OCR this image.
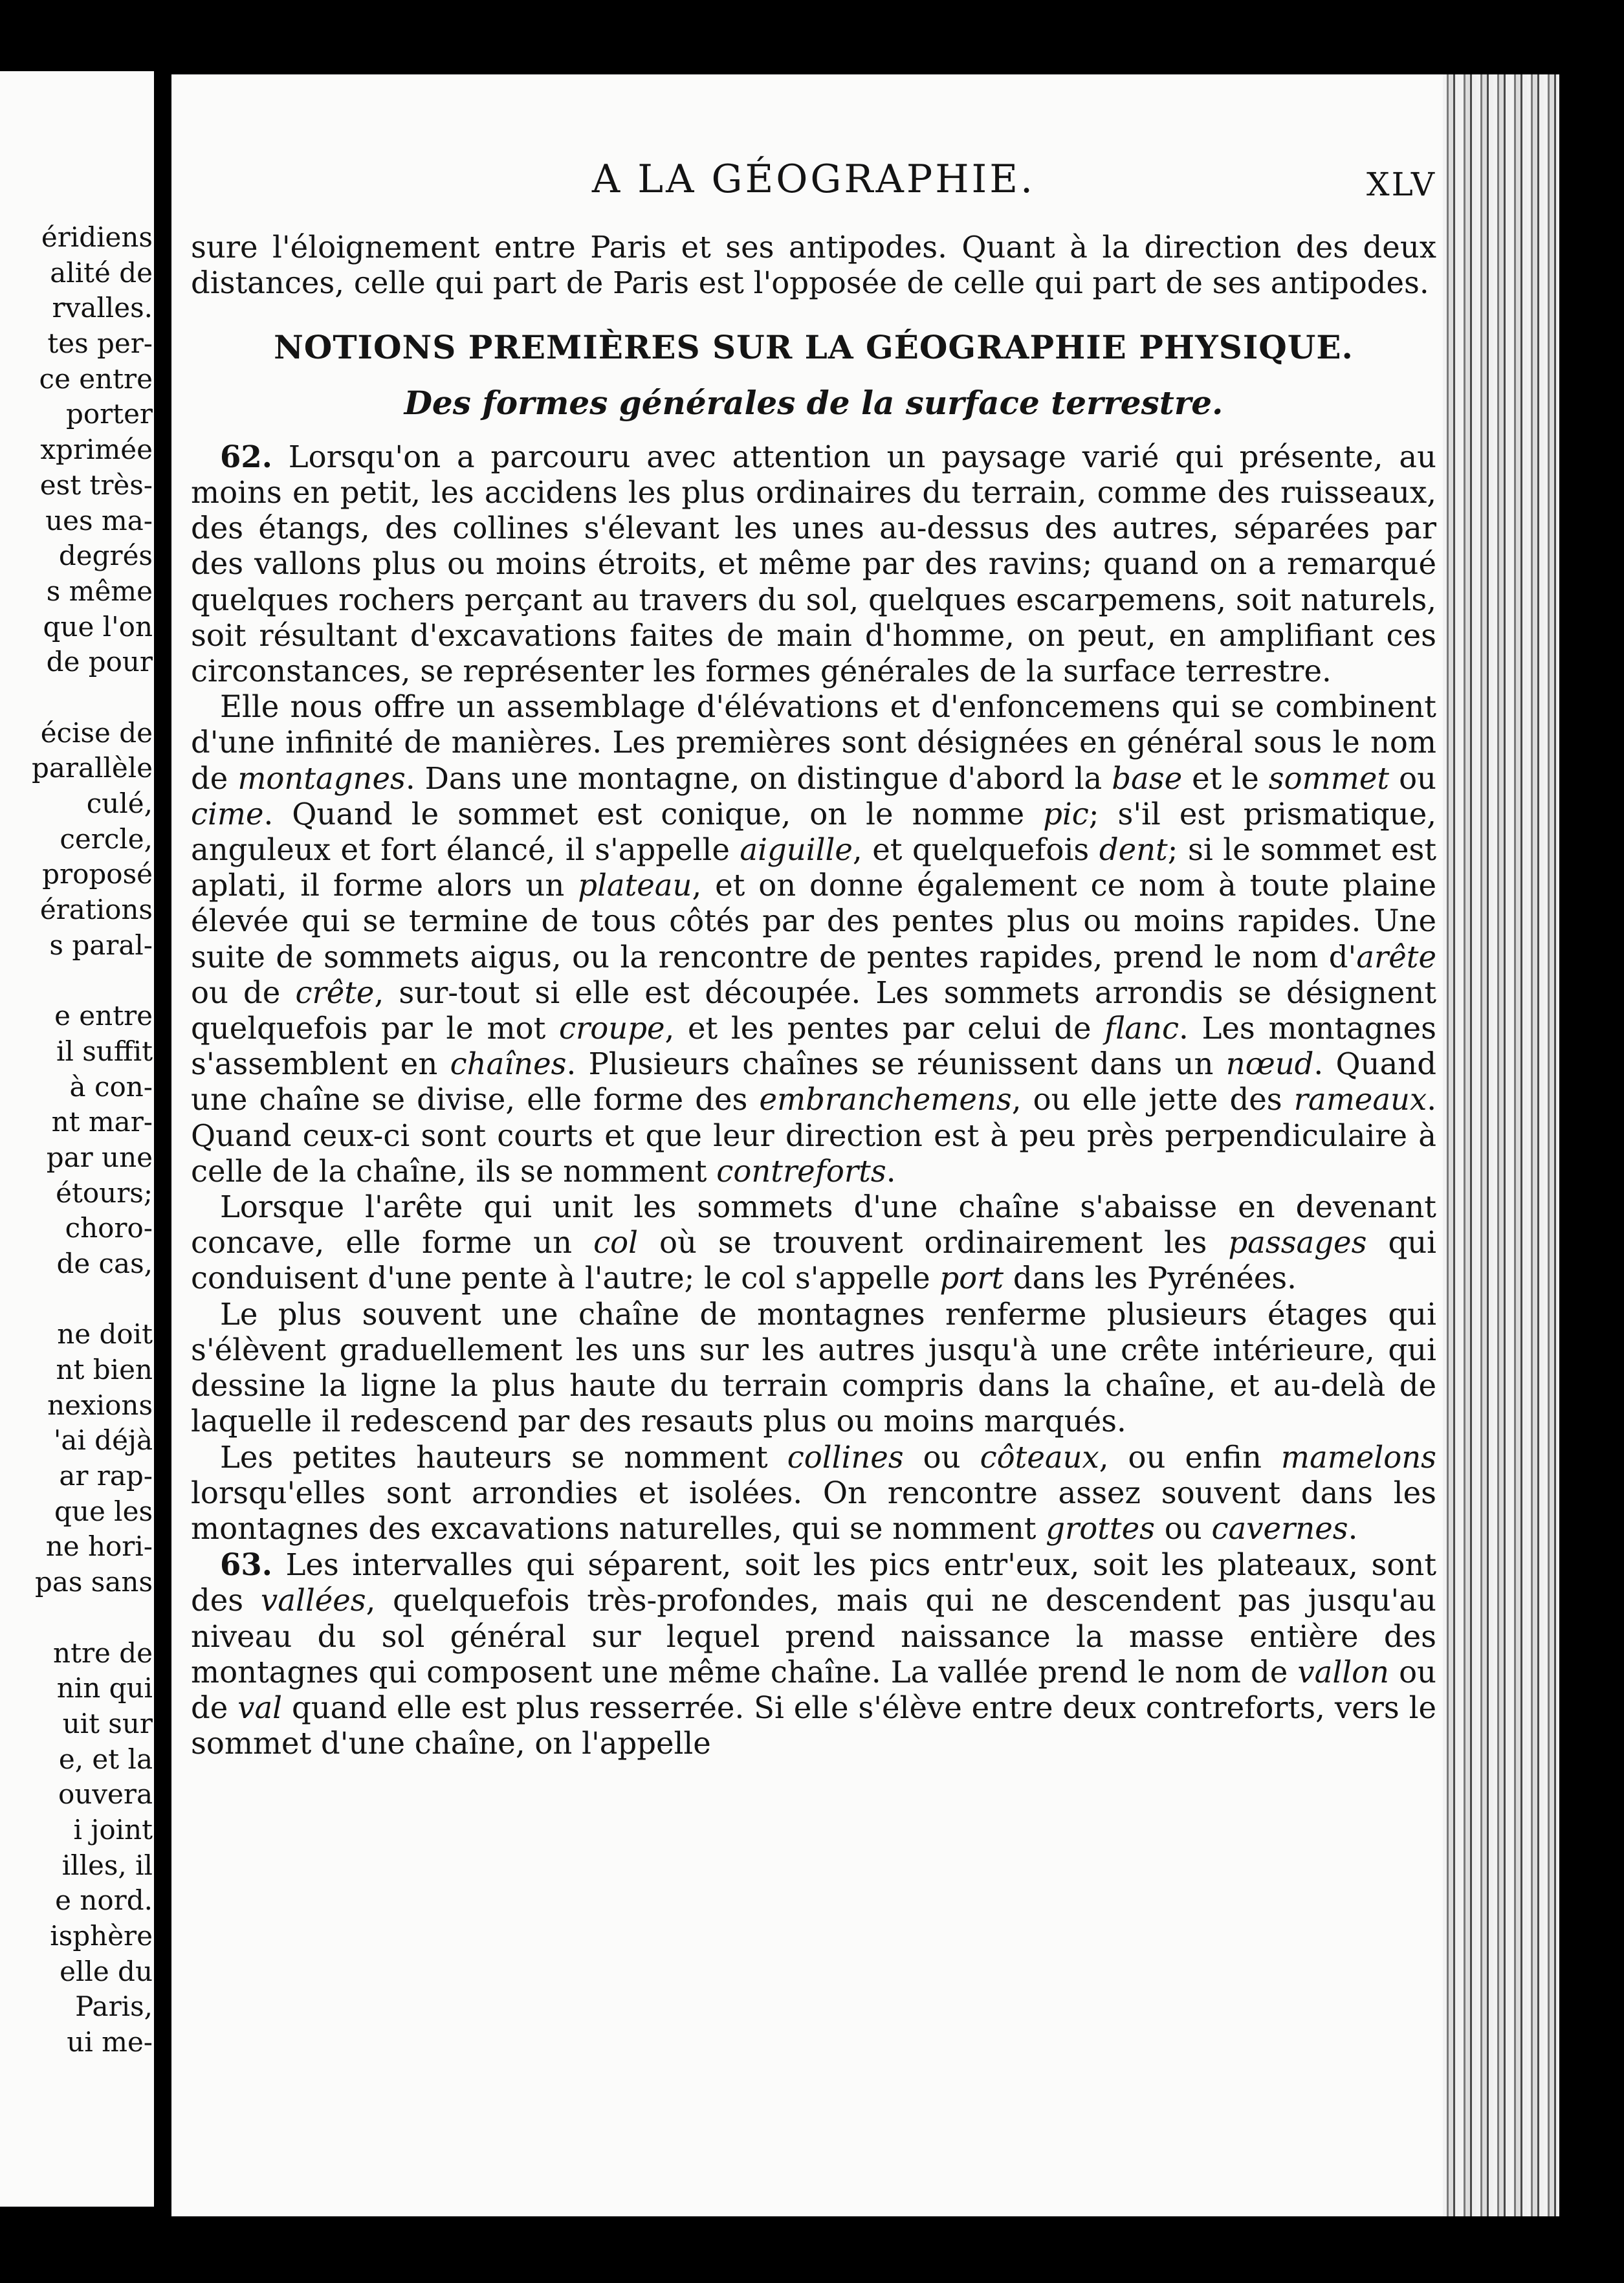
éridiens
alité de
rvalles.
tes per-
ce entre
porter
xprimée
est très-
ues ma-
degrés
s même
que l'on
de pour
écise de
parallèle
culé,
cercle,
proposé
érations
s paral-
e entre
il suffit
à con-
nt mar-
par une
étours;
choro-
de cas,
ne doit
nt bien
nexions
'ai déjà
ar rap-
que les
ne hori-
pas sans
ntre de
nin qui
uit sur
e, et la
ouvera
i joint
illes, il
e nord.
isphère
elle du
Paris,
ui me-
A LA GÉOGRAPHIE.	XLV

sure l'éloignement entre Paris et ses antipodes. Quant à la direction des deux distances, celle qui part de Paris est l'opposée de celle qui part de ses antipodes.

NOTIONS PREMIÈRES SUR LA GÉOGRAPHIE PHYSIQUE.
Des formes générales de la surface terrestre.

62. Lorsqu'on a parcouru avec attention un paysage varié qui présente, au moins en petit, les accidens les plus ordinaires du terrain, comme des ruisseaux, des étangs, des collines s'élevant les unes au-dessus des autres, séparées par des vallons plus ou moins étroits, et même par des ravins; quand on a remarqué quelques rochers perçant au travers du sol, quelques escarpemens, soit naturels, soit résultant d'excavations faites de main d'homme, on peut, en amplifiant ces circonstances, se représenter les formes générales de la surface terrestre.

Elle nous offre un assemblage d'élévations et d'enfoncemens qui se combinent d'une infinité de manières. Les premières sont désignées en général sous le nom de montagnes. Dans une montagne, on distingue d'abord la base et le sommet ou cime. Quand le sommet est conique, on le nomme pic; s'il est prismatique, anguleux et fort élancé, il s'appelle aiguille, et quelquefois dent; si le sommet est aplati, il forme alors un plateau, et on donne également ce nom à toute plaine élevée qui se termine de tous côtés par des pentes plus ou moins rapides. Une suite de sommets aigus, ou la rencontre de pentes rapides, prend le nom d'arête ou de crête, sur-tout si elle est découpée. Les sommets arrondis se désignent quelquefois par le mot croupe, et les pentes par celui de flanc. Les montagnes s'assemblent en chaînes. Plusieurs chaînes se réunissent dans un nœud. Quand une chaîne se divise, elle forme des embranchemens, ou elle jette des rameaux. Quand ceux-ci sont courts et que leur direction est à peu près perpendiculaire à celle de la chaîne, ils se nomment contreforts.

Lorsque l'arête qui unit les sommets d'une chaîne s'abaisse en devenant concave, elle forme un col où se trouvent ordinairement les passages qui conduisent d'une pente à l'autre; le col s'appelle port dans les Pyrénées.

Le plus souvent une chaîne de montagnes renferme plusieurs étages qui s'élèvent graduellement les uns sur les autres jusqu'à une crête intérieure, qui dessine la ligne la plus haute du terrain compris dans la chaîne, et au-delà de laquelle il redescend par des resauts plus ou moins marqués.

Les petites hauteurs se nomment collines ou côteaux, ou enfin mamelons lorsqu'elles sont arrondies et isolées. On rencontre assez souvent dans les montagnes des excavations naturelles, qui se nomment grottes ou cavernes.

63. Les intervalles qui séparent, soit les pics entr'eux, soit les plateaux, sont des vallées, quelquefois très-profondes, mais qui ne descendent pas jusqu'au niveau du sol général sur lequel prend naissance la masse entière des montagnes qui composent une même chaîne. La vallée prend le nom de vallon ou de val quand elle est plus resserrée. Si elle s'élève entre deux contreforts, vers le sommet d'une chaîne, on l'appelle
